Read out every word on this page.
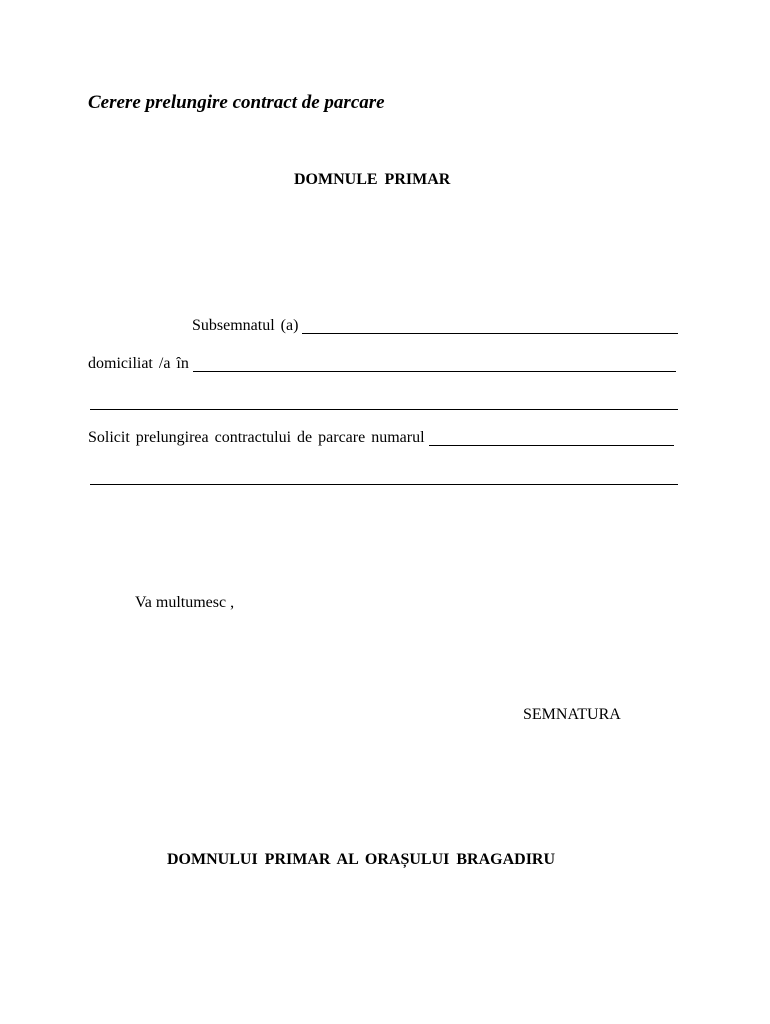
Cerere prelungire contract de parcare
DOMNULE PRIMAR
Subsemnatul (a)
domiciliat /a în
Solicit prelungirea contractului de parcare numarul
Va multumesc ,
SEMNATURA
DOMNULUI PRIMAR AL ORAȘULUI BRAGADIRU
